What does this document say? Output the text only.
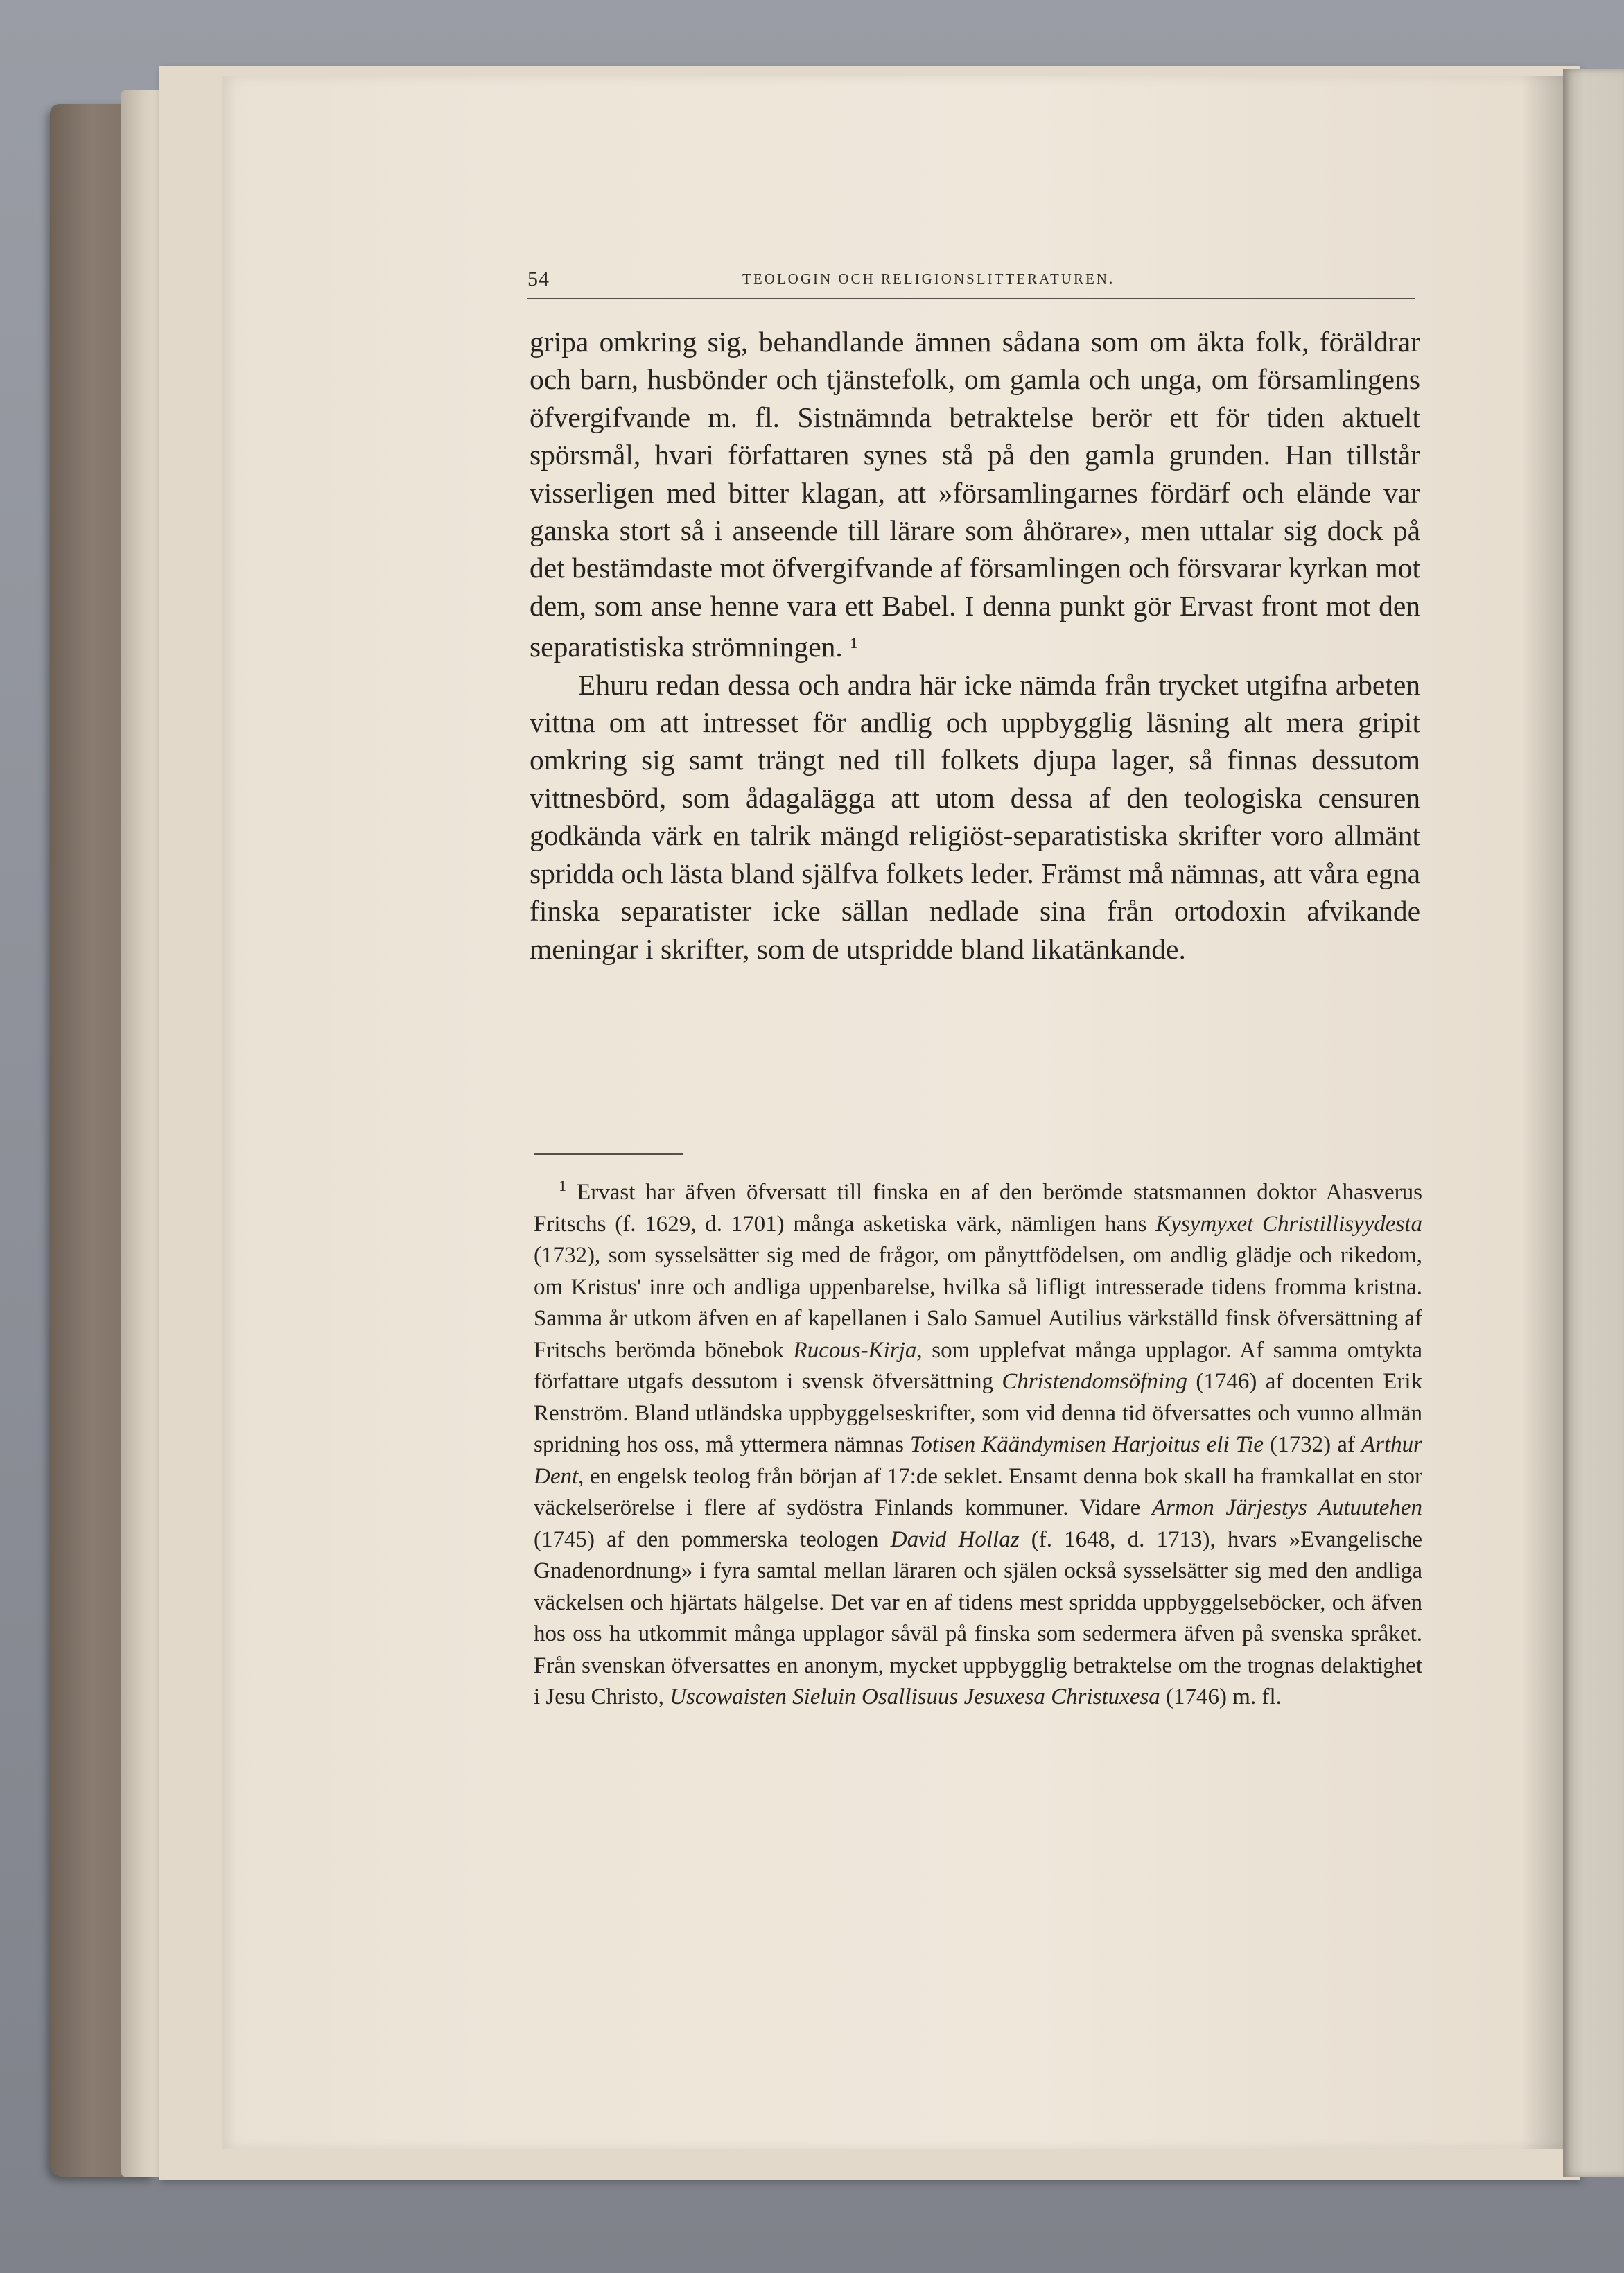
54	TEOLOGIN OCH RELIGIONSLITTERATUREN.

gripa omkring sig, behandlande ämnen sådana som om äkta folk, föräldrar och barn, husbönder och tjänstefolk, om gamla och unga, om församlingens öfvergifvande m. fl. Sistnämnda betraktelse berör ett för tiden aktuelt spörsmål, hvari författaren synes stå på den gamla grunden. Han tillstår visserligen med bitter klagan, att »församlingarnes fördärf och elände var ganska stort så i anseende till lärare som åhörare», men uttalar sig dock på det bestämdaste mot öfvergifvande af församlingen och försvarar kyrkan mot dem, som anse henne vara ett Babel. I denna punkt gör Ervast front mot den separatistiska strömningen. $^1$

Ehuru redan dessa och andra här icke nämda från trycket utgifna arbeten vittna om att intresset för andlig och uppbygglig läsning alt mera gripit omkring sig samt trängt ned till folkets djupa lager, så finnas dessutom vittnesbörd, som ådagalägga att utom dessa af den teologiska censuren godkända värk en talrik mängd religiöst-separatistiska skrifter voro allmänt spridda och lästa bland själfva folkets leder. Främst må nämnas, att våra egna finska separatister icke sällan nedlade sina från ortodoxin afvikande meningar i skrifter, som de utspridde bland likatänkande.

$^1$ Ervast har äfven öfversatt till finska en af den berömde statsmannen doktor Ahasverus Fritschs (f. 1629, d. 1701) många asketiska värk, nämligen hans Kysymyxet Christillisyydesta (1732), som sysselsätter sig med de frågor, om pånyttfödelsen, om andlig glädje och rikedom, om Kristus' inre och andliga uppenbarelse, hvilka så lifligt intresserade tidens fromma kristna. Samma år utkom äfven en af kapellanen i Salo Samuel Autilius värkställd finsk öfversättning af Fritschs berömda bönebok Rucous-Kirja, som upplefvat många upplagor. Af samma omtykta författare utgafs dessutom i svensk öfversättning Christendomsöfning (1746) af docenten Erik Renström. Bland utländska uppbyggelseskrifter, som vid denna tid öfversattes och vunno allmän spridning hos oss, må yttermera nämnas Totisen Käändymisen Harjoitus eli Tie (1732) af Arthur Dent, en engelsk teolog från början af 17:de seklet. Ensamt denna bok skall ha framkallat en stor väckelserörelse i flere af sydöstra Finlands kommuner. Vidare Armon Järjestys Autuutehen (1745) af den pommerska teologen David Hollaz (f. 1648, d. 1713), hvars »Evangelische Gnadenordnung» i fyra samtal mellan läraren och själen också sysselsätter sig med den andliga väckelsen och hjärtats hälgelse. Det var en af tidens mest spridda uppbyggelseböcker, och äfven hos oss ha utkommit många upplagor såväl på finska som sedermera äfven på svenska språket. Från svenskan öfversattes en anonym, mycket uppbygglig betraktelse om the trognas delaktighet i Jesu Christo, Uscowaisten Sieluin Osallisuus Jesuxesa Christuxesa (1746) m. fl.
